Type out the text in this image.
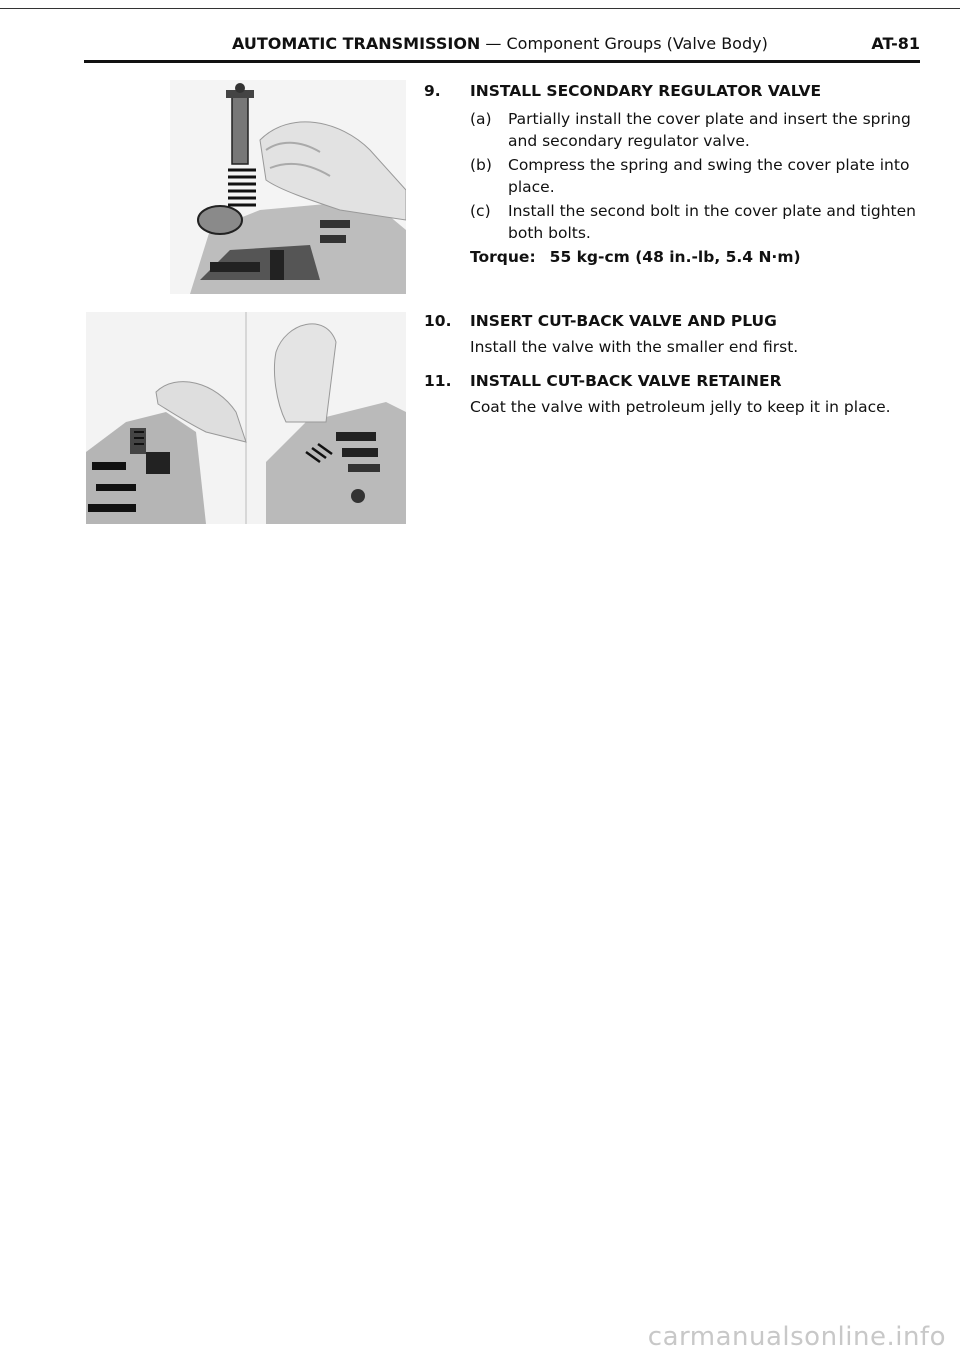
AUTOMATIC TRANSMISSION — Component Groups (Valve Body)	AT-81
9. INSTALL SECONDARY REGULATOR VALVE
(a) Partially install the cover plate and insert the spring and secondary regulator valve.
(b) Compress the spring and swing the cover plate into place.
(c) Install the second bolt in the cover plate and tighten both bolts.
Torque: 55 kg-cm (48 in.-lb, 5.4 N·m)
10. INSERT CUT-BACK VALVE AND PLUG
Install the valve with the smaller end first.
11. INSTALL CUT-BACK VALVE RETAINER
Coat the valve with petroleum jelly to keep it in place.
carmanualsonline.info
